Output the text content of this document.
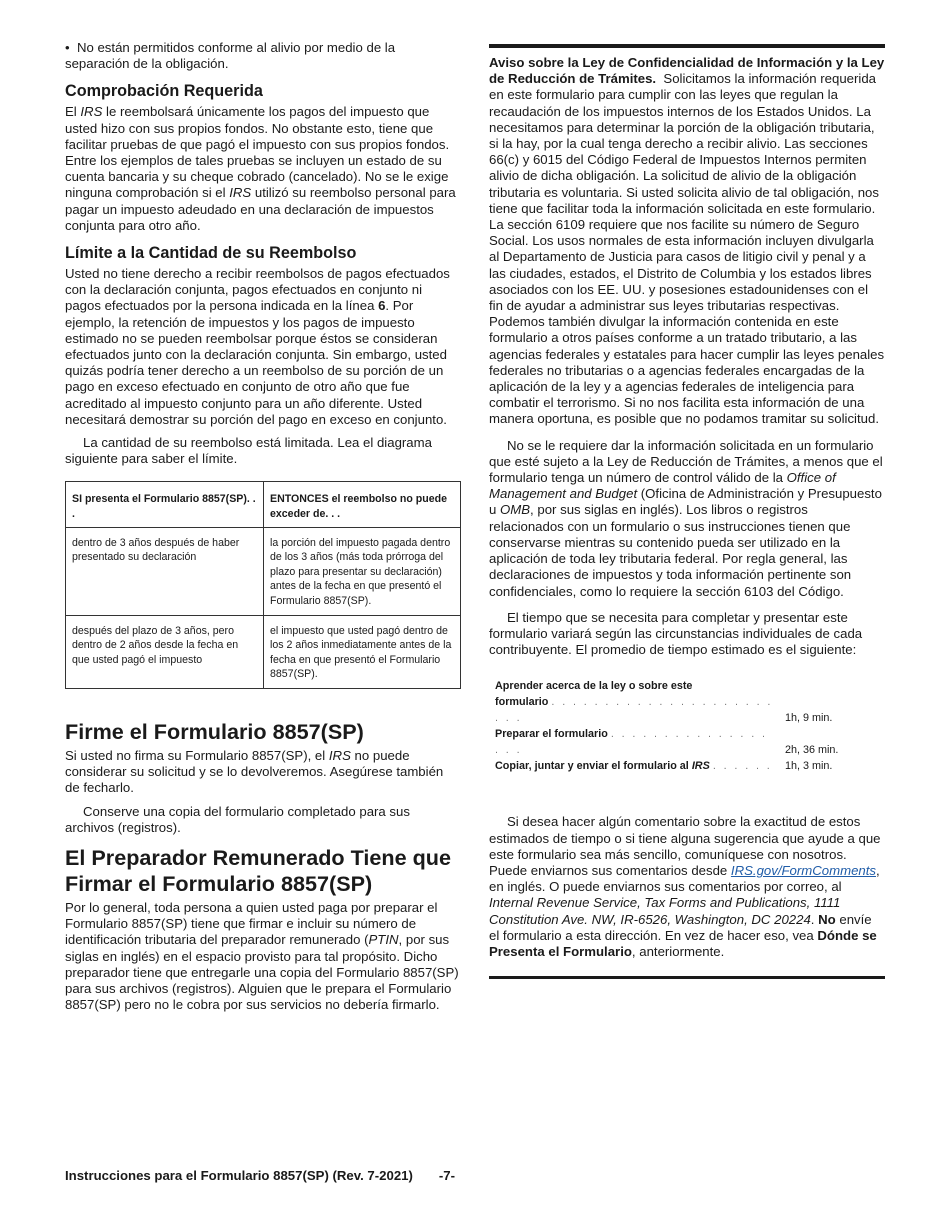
•  No están permitidos conforme al alivio por medio de la separación de la obligación.

Comprobación Requerida

El IRS le reembolsará únicamente los pagos del impuesto que usted hizo con sus propios fondos. No obstante esto, tiene que facilitar pruebas de que pagó el impuesto con sus propios fondos. Entre los ejemplos de tales pruebas se incluyen un estado de su cuenta bancaria y su cheque cobrado (cancelado). No se le exige ninguna comprobación si el IRS utilizó su reembolso personal para pagar un impuesto adeudado en una declaración de impuestos conjunta para otro año.

Límite a la Cantidad de su Reembolso

Usted no tiene derecho a recibir reembolsos de pagos efectuados con la declaración conjunta, pagos efectuados en conjunto ni pagos efectuados por la persona indicada en la línea 6. Por ejemplo, la retención de impuestos y los pagos de impuesto estimado no se pueden reembolsar porque éstos se consideran efectuados junto con la declaración conjunta. Sin embargo, usted quizás podría tener derecho a un reembolso de su porción de un pago en exceso efectuado en conjunto de otro año que fue acreditado al impuesto conjunto para un año diferente. Usted necesitará demostrar su porción del pago en exceso en conjunto.

La cantidad de su reembolso está limitada. Lea el diagrama siguiente para saber el límite.

SI presenta el Formulario 8857(SP). . .	ENTONCES el reembolso no puede exceder de. . .
dentro de 3 años después de haber presentado su declaración	la porción del impuesto pagada dentro de los 3 años (más toda prórroga del plazo para presentar su declaración) antes de la fecha en que presentó el Formulario 8857(SP).
después del plazo de 3 años, pero dentro de 2 años desde la fecha en que usted pagó el impuesto	el impuesto que usted pagó dentro de los 2 años inmediatamente antes de la fecha en que presentó el Formulario 8857(SP).
Firme el Formulario 8857(SP)

Si usted no firma su Formulario 8857(SP), el IRS no puede considerar su solicitud y se lo devolveremos. Asegúrese también de fecharlo.

Conserve una copia del formulario completado para sus archivos (registros).

El Preparador Remunerado Tiene que Firmar el Formulario 8857(SP)

Por lo general, toda persona a quien usted paga por preparar el Formulario 8857(SP) tiene que firmar e incluir su número de identificación tributaria del preparador remunerado (PTIN, por sus siglas en inglés) en el espacio provisto para tal propósito. Dicho preparador tiene que entregarle una copia del Formulario 8857(SP) para sus archivos (registros). Alguien que le prepara el Formulario 8857(SP) pero no le cobra por sus servicios no debería firmarlo.

Aviso sobre la Ley de Confidencialidad de Información y la Ley de Reducción de Trámites. Solicitamos la información requerida en este formulario para cumplir con las leyes que regulan la recaudación de los impuestos internos de los Estados Unidos. La necesitamos para determinar la porción de la obligación tributaria, si la hay, por la cual tenga derecho a recibir alivio. Las secciones 66(c) y 6015 del Código Federal de Impuestos Internos permiten alivio de dicha obligación. La solicitud de alivio de la obligación tributaria es voluntaria. Si usted solicita alivio de tal obligación, nos tiene que facilitar toda la información solicitada en este formulario. La sección 6109 requiere que nos facilite su número de Seguro Social. Los usos normales de esta información incluyen divulgarla al Departamento de Justicia para casos de litigio civil y penal y a las ciudades, estados, el Distrito de Columbia y los estados libres asociados con los EE. UU. y posesiones estadounidenses con el fin de ayudar a administrar sus leyes tributarias respectivas. Podemos también divulgar la información contenida en este formulario a otros países conforme a un tratado tributario, a las agencias federales y estatales para hacer cumplir las leyes penales federales no tributarias o a agencias federales encargadas de la aplicación de la ley y a agencias federales de inteligencia para combatir el terrorismo. Si no nos facilita esta información de una manera oportuna, es posible que no podamos tramitar su solicitud.

No se le requiere dar la información solicitada en un formulario que esté sujeto a la Ley de Reducción de Trámites, a menos que el formulario tenga un número de control válido de la Office of Management and Budget (Oficina de Administración y Presupuesto u OMB, por sus siglas en inglés). Los libros o registros relacionados con un formulario o sus instrucciones tienen que conservarse mientras su contenido pueda ser utilizado en la aplicación de toda ley tributaria federal. Por regla general, las declaraciones de impuestos y toda información pertinente son confidenciales, como lo requiere la sección 6103 del Código.

El tiempo que se necesita para completar y presentar este formulario variará según las circunstancias individuales de cada contribuyente. El promedio de tiempo estimado es el siguiente:

Aprender acerca de la ley o sobre este	
formulario . . . . . . . . . . . . . . . . . . . . . . . .	1h, 9 min.
Preparar el formulario . . . . . . . . . . . . . . . . . .	2h, 36 min.
Copiar, juntar y enviar el formulario al IRS . . . . . .	1h, 3 min.

Si desea hacer algún comentario sobre la exactitud de estos estimados de tiempo o si tiene alguna sugerencia que ayude a que este formulario sea más sencillo, comuníquese con nosotros. Puede enviarnos sus comentarios desde IRS.gov/FormComments, en inglés. O puede enviarnos sus comentarios por correo, al Internal Revenue Service, Tax Forms and Publications, 1111 Constitution Ave. NW, IR-6526, Washington, DC 20224. No envíe el formulario a esta dirección. En vez de hacer eso, vea Dónde se Presenta el Formulario, anteriormente.

Instrucciones para el Formulario 8857(SP) (Rev. 7-2021) -7-
